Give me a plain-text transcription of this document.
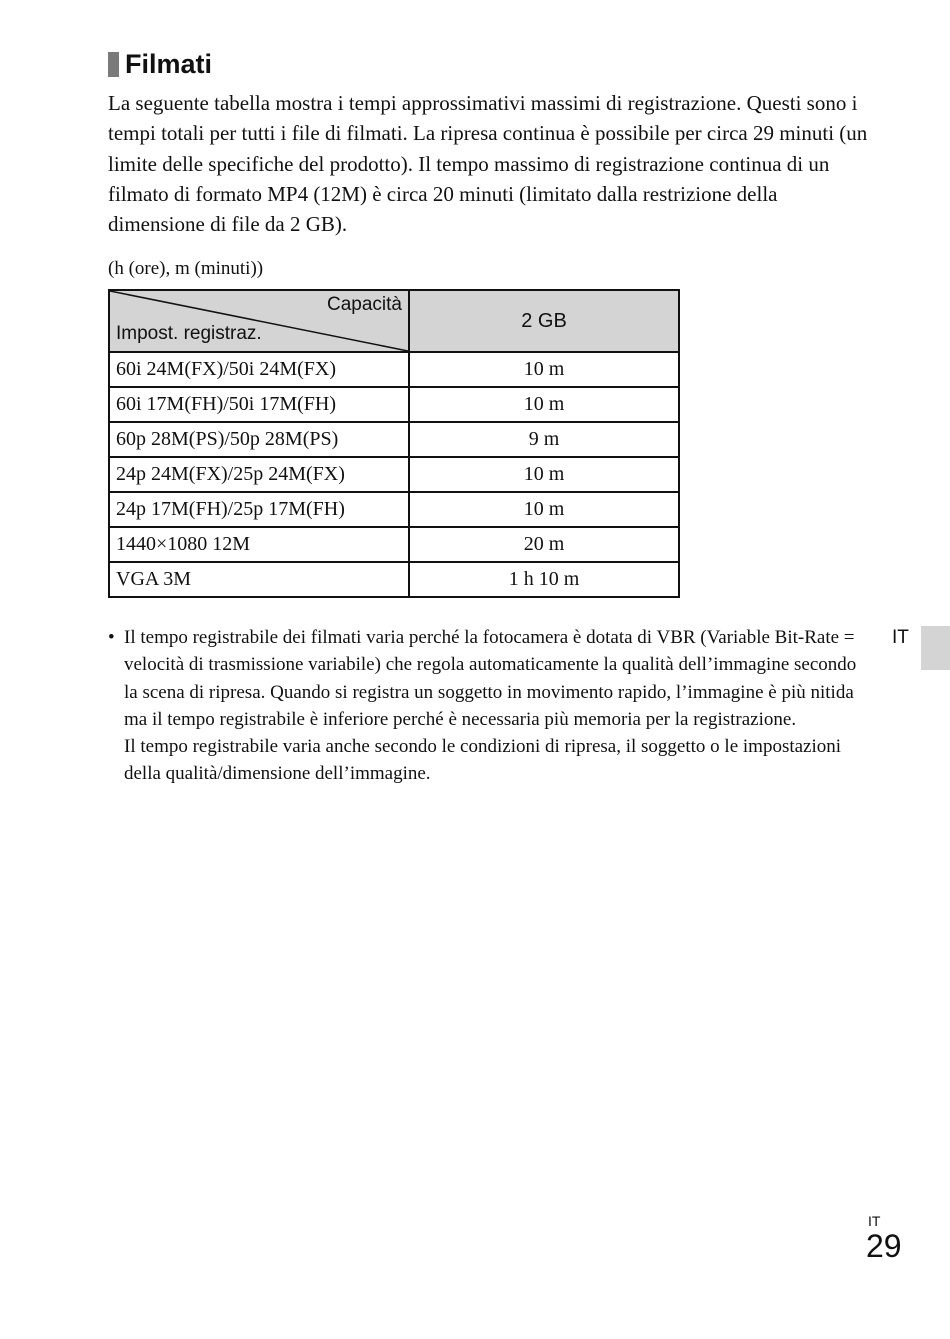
Filmati

La seguente tabella mostra i tempi approssimativi massimi di registrazione. Questi sono i tempi totali per tutti i file di filmati. La ripresa continua è possibile per circa 29 minuti (un limite delle specifiche del prodotto). Il tempo massimo di registrazione continua di un filmato di formato MP4 (12M) è circa 20 minuti (limitato dalla restrizione della dimensione di file da 2 GB).

(h (ore), m (minuti))
Capacità
Impost. registraz.	2 GB
60i 24M(FX)/50i 24M(FX)	10 m
60i 17M(FH)/50i 17M(FH)	10 m
60p 28M(PS)/50p 28M(PS)	9 m
24p 24M(FX)/25p 24M(FX)	10 m
24p 17M(FH)/25p 17M(FH)	10 m
1440×1080 12M	20 m
VGA 3M	1 h 10 m
• Il tempo registrabile dei filmati varia perché la fotocamera è dotata di VBR (Variable Bit-Rate = velocità di trasmissione variabile) che regola automaticamente la qualità dell’immagine secondo la scena di ripresa. Quando si registra un soggetto in movimento rapido, l’immagine è più nitida ma il tempo registrabile è inferiore perché è necessaria più memoria per la registrazione.

Il tempo registrabile varia anche secondo le condizioni di ripresa, il soggetto o le impostazioni della qualità/dimensione dell’immagine.

IT
IT
29
